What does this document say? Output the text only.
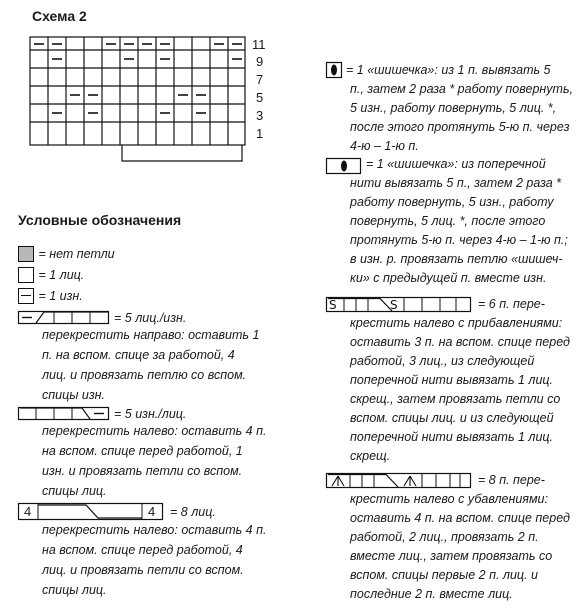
Схема 2
11
9
7
5
3
1
Условные обозначения
= нет петли
= 1 лиц.
= 1 изн.
= 5 лиц./изн.
перекрестить направо: оставить 1
п. на вспом. спице за работой, 4
лиц. и провязать петлю со вспом.
спицы изн.
= 5 изн./лиц.
перекрестить налево: оставить 4 п.
на вспом. спице перед работой, 1
изн. и провязать петли со вспом.
спицы лиц.
4	4 = 8 лиц.
перекрестить налево: оставить 4 п.
на вспом. спице перед работой, 4
лиц. и провязать петли со вспом.
спицы лиц.
= 1 «шишечка»: из 1 п. вывязать 5
п., затем 2 раза * работу повернуть,
5 изн., работу повернуть, 5 лиц. *,
после этого протянуть 5-ю п. через
4-ю – 1-ю п.
= 1 «шишечка»: из поперечной
нити вывязать 5 п., затем 2 раза *
работу повернуть, 5 изн., работу
повернуть, 5 лиц. *, после этого
протянуть 5-ю п. через 4-ю – 1-ю п.;
в изн. р. провязать петлю «шишеч-
ки» с предыдущей п. вместе изн.
S	S	= 6 п. пере-
крестить налево с прибавлениями:
оставить 3 п. на вспом. спице перед
работой, 3 лиц., из следующей
поперечной нити вывязать 1 лиц.
скрещ., затем провязать петли со
вспом. спицы лиц. и из следующей
поперечной нити вывязать 1 лиц.
скрещ.
= 8 п. пере-
крестить налево с убавлениями:
оставить 4 п. на вспом. спице перед
работой, 2 лиц., провязать 2 п.
вместе лиц., затем провязать со
вспом. спицы первые 2 п. лиц. и
последние 2 п. вместе лиц.
